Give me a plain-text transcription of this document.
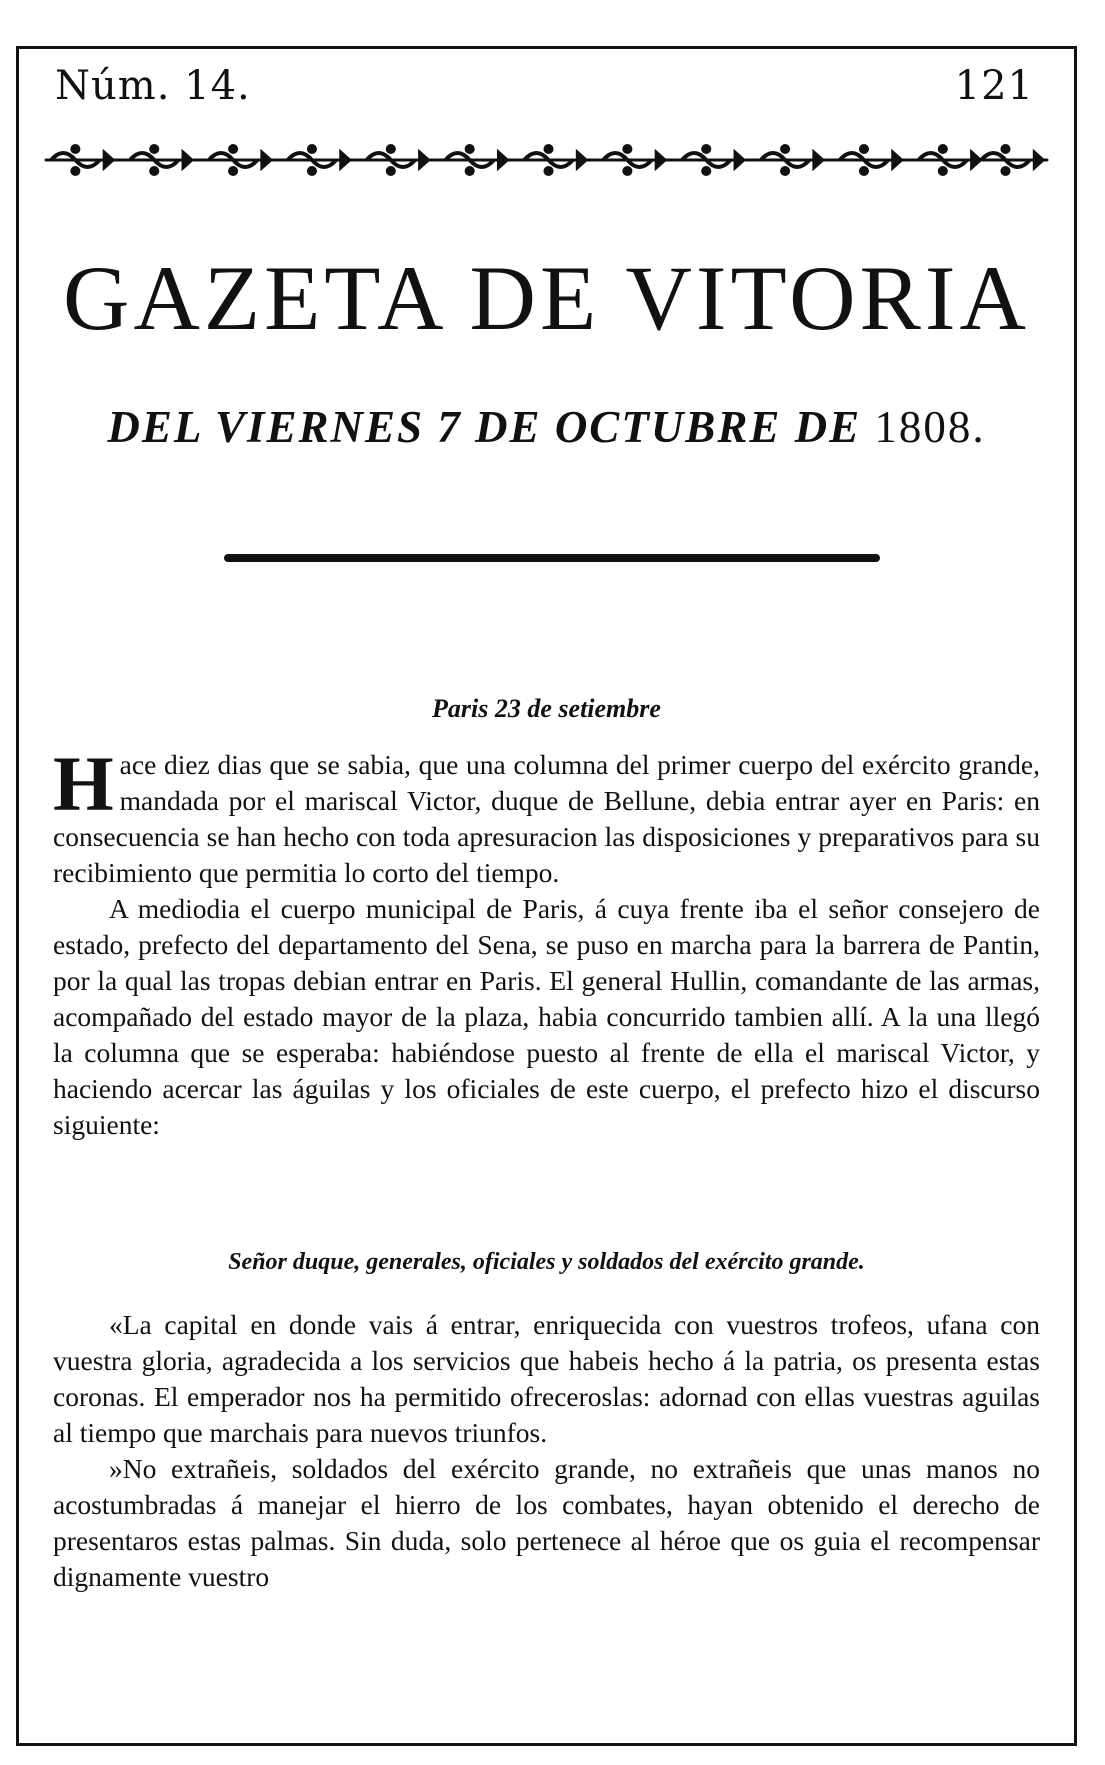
Núm. 14.	121
GAZETA DE VITORIA
DEL VIERNES 7 DE OCTUBRE DE 1808.
Paris 23 de setiembre

Hace diez dias que se sabia, que una columna del primer cuerpo del exército grande, mandada por el mariscal Victor, duque de Bellune, debia entrar ayer en Paris: en consecuencia se han hecho con toda apresuracion las disposiciones y preparativos para su recibimiento que permitia lo corto del tiempo.

A mediodia el cuerpo municipal de Paris, á cuya frente iba el señor consejero de estado, prefecto del departamento del Sena, se puso en marcha para la barrera de Pantin, por la qual las tropas debian entrar en Paris. El general Hullin, comandante de las armas, acompañado del estado mayor de la plaza, habia concurrido tambien allí. A la una llegó la columna que se esperaba: habiéndose puesto al frente de ella el mariscal Victor, y haciendo acercar las águilas y los oficiales de este cuerpo, el prefecto hizo el discurso siguiente:

Señor duque, generales, oficiales y soldados del exército grande.

«La capital en donde vais á entrar, enriquecida con vuestros trofeos, ufana con vuestra gloria, agradecida a los servicios que habeis hecho á la patria, os presenta estas coronas. El emperador nos ha permitido ofreceroslas: adornad con ellas vuestras aguilas al tiempo que marchais para nuevos triunfos.

»No extrañeis, soldados del exército grande, no extrañeis que unas manos no acostumbradas á manejar el hierro de los combates, hayan obtenido el derecho de presentaros estas palmas. Sin duda, solo pertenece al héroe que os guia el recompensar dignamente vuestro
